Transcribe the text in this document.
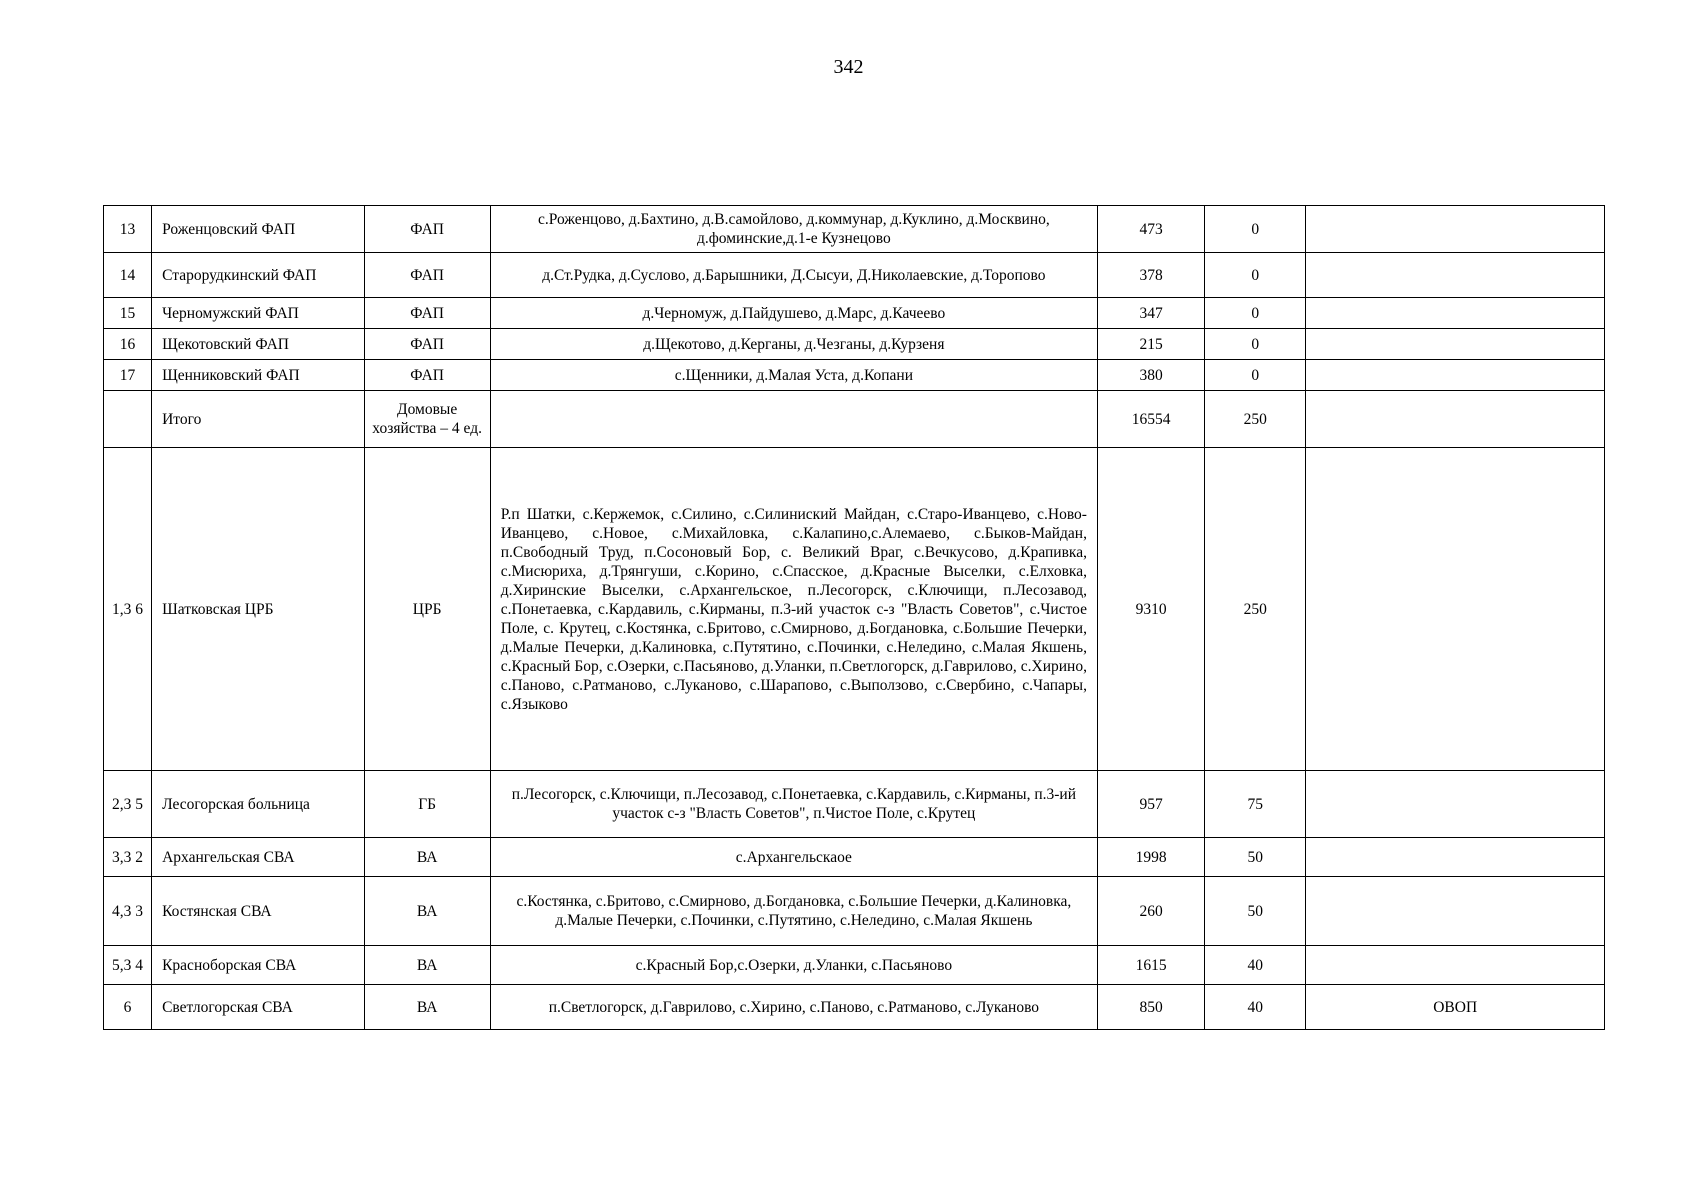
342
13	Роженцовский ФАП	ФАП	с.Роженцово, д.Бахтино, д.В.самойлово, д.коммунар, д.Куклино, д.Москвино, д.фоминские,д.1-е Кузнецово	473	0	
14	Старорудкинский ФАП	ФАП	д.Ст.Рудка, д.Суслово, д.Барышники, Д.Сысуи, Д.Николаевские, д.Торопово	378	0	
15	Черномужский ФАП	ФАП	д.Черномуж, д.Пайдушево, д.Марс, д.Качеево	347	0	
16	Щекотовский ФАП	ФАП	д.Щекотово, д.Керганы, д.Чезганы, д.Курзеня	215	0	
17	Щенниковский ФАП	ФАП	с.Щенники, д.Малая Уста, д.Копани	380	0	
	Итого	Домовые хозяйства – 4 ед.		16554	250	
1,3 6	Шатковская ЦРБ	ЦРБ	Р.п Шатки, с.Кержемок, с.Силино, с.Силиниский Майдан, с.Старо-Иванцево, с.Ново-Иванцево, с.Новое, с.Михайловка, с.Калапино,с.Алемаево, с.Быков-Майдан, п.Свободный Труд, п.Сосоновый Бор, с. Великий Враг, с.Вечкусово, д.Крапивка, с.Мисюриха, д.Трянгуши, с.Корино, с.Спасское, д.Красные Выселки, с.Елховка, д.Хиринские Выселки, с.Архангельское, п.Лесогорск, с.Ключищи, п.Лесозавод, с.Понетаевка, с.Кардавиль, с.Кирманы, п.3-ий участок с-з "Власть Советов", с.Чистое Поле, с. Крутец, с.Костянка, с.Бритово, с.Смирново, д.Богдановка, с.Большие Печерки, д.Малые Печерки, д.Калиновка, с.Путятино, с.Починки, с.Неледино, с.Малая Якшень, с.Красный Бор, с.Озерки, с.Пасьяново, д.Уланки, п.Светлогорск, д.Гаврилово, с.Хирино, с.Паново, с.Ратманово, с.Луканово, с.Шарапово, с.Выползово, с.Свербино, с.Чапары, с.Языково	9310	250	
2,3 5	Лесогорская больница	ГБ	п.Лесогорск, с.Ключищи, п.Лесозавод, с.Понетаевка, с.Кардавиль, с.Кирманы, п.3-ий участок с-з "Власть Советов", п.Чистое Поле, с.Крутец	957	75	
3,3 2	Архангельская СВА	ВА	с.Архангельскаое	1998	50	
4,3 3	Костянская СВА	ВА	с.Костянка, с.Бритово, с.Смирново, д.Богдановка, с.Большие Печерки, д.Калиновка, д.Малые Печерки, с.Починки, с.Путятино, с.Неледино, с.Малая Якшень	260	50	
5,3 4	Красноборская СВА	ВА	с.Красный Бор,с.Озерки, д.Уланки, с.Пасьяново	1615	40	
6	Светлогорская СВА	ВА	п.Светлогорск, д.Гаврилово, с.Хирино, с.Паново, с.Ратманово, с.Луканово	850	40	ОВОП
